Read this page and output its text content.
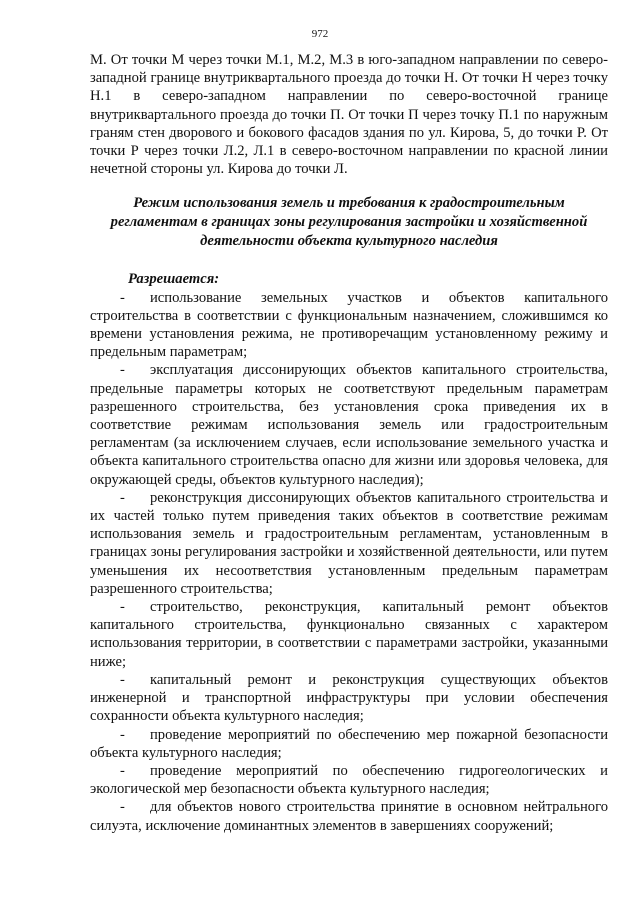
972

М. От точки М через точки М.1, М.2, М.3 в юго-западном направлении по северо-западной границе внутриквартального проезда до точки Н. От точки Н через точку Н.1 в северо-западном направлении по северо-восточной границе внутриквартального проезда до точки П. От точки П через точку П.1 по наружным граням стен дворового и бокового фасадов здания по ул. Кирова, 5, до точки Р. От точки Р через точки Л.2, Л.1 в северо-восточном направлении по красной линии нечетной стороны ул. Кирова до точки Л.

Режим использования земель и требования к градостроительным регламентам в границах зоны регулирования застройки и хозяйственной деятельности объекта культурного наследия
Разрешается:

- использование земельных участков и объектов капитального строительства в соответствии с функциональным назначением, сложившимся ко времени установления режима, не противоречащим установленному режиму и предельным параметрам;

- эксплуатация диссонирующих объектов капитального строительства, предельные параметры которых не соответствуют предельным параметрам разрешенного строительства, без установления срока приведения их в соответствие режимам использования земель или градостроительным регламентам (за исключением случаев, если использование земельного участка и объекта капитального строительства опасно для жизни или здоровья человека, для окружающей среды, объектов культурного наследия);

- реконструкция диссонирующих объектов капитального строительства и их частей только путем приведения таких объектов в соответствие режимам использования земель и градостроительным регламентам, установленным в границах зоны регулирования застройки и хозяйственной деятельности, или путем уменьшения их несоответствия установленным предельным параметрам разрешенного строительства;

- строительство, реконструкция, капитальный ремонт объектов капитального строительства, функционально связанных с характером использования территории, в соответствии с параметрами застройки, указанными ниже;

- капитальный ремонт и реконструкция существующих объектов инженерной и транспортной инфраструктуры при условии обеспечения сохранности объекта культурного наследия;

- проведение мероприятий по обеспечению мер пожарной безопасности объекта культурного наследия;

- проведение мероприятий по обеспечению гидрогеологических и экологической мер безопасности объекта культурного наследия;

- для объектов нового строительства принятие в основном нейтрального силуэта, исключение доминантных элементов в завершениях сооружений;
